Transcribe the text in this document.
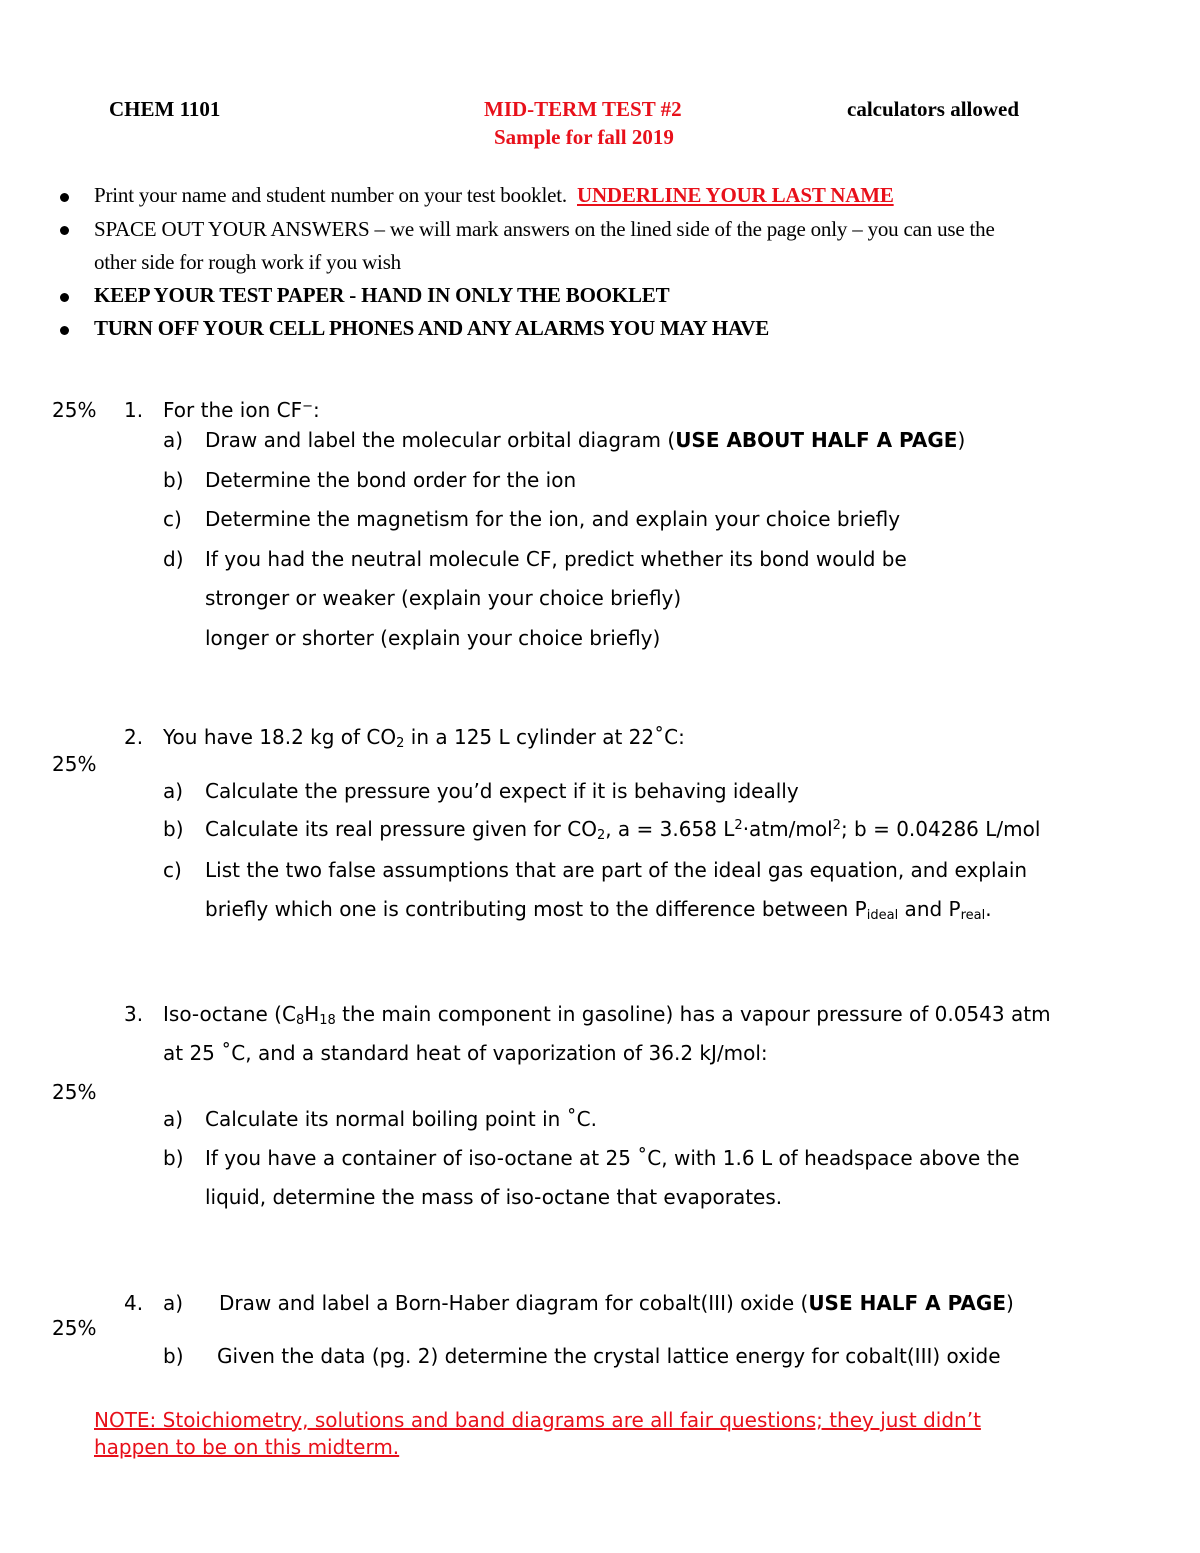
CHEM 1101	MID-TERM TEST #2
Sample for fall 2019
calculators allowed
Print your name and student number on your test booklet. UNDERLINE YOUR LAST NAME
SPACE OUT YOUR ANSWERS – we will mark answers on the lined side of the page only – you can use the
other side for rough work if you wish
KEEP YOUR TEST PAPER - HAND IN ONLY THE BOOKLET
TURN OFF YOUR CELL PHONES AND ANY ALARMS YOU MAY HAVE
25% 1. For the ion CF−:
a) Draw and label the molecular orbital diagram (USE ABOUT HALF A PAGE)
b) Determine the bond order for the ion
c) Determine the magnetism for the ion, and explain your choice briefly
d) If you had the neutral molecule CF, predict whether its bond would be
stronger or weaker (explain your choice briefly)
longer or shorter (explain your choice briefly)
2. You have 18.2 kg of $CO_2$ in a 125 L cylinder at 22˚C:
25%
a) Calculate the pressure you’d expect if it is behaving ideally
b) Calculate its real pressure given for $CO_2$, a = 3.658 $L^2\cdot atm/mol^2$; b = 0.04286 L/mol
c) List the two false assumptions that are part of the ideal gas equation, and explain
briefly which one is contributing most to the difference between $P_{ideal}$ and $P_{real}$.
3. Iso-octane ($C_8H_{18}$ the main component in gasoline) has a vapour pressure of 0.0543 atm
at 25 ˚C, and a standard heat of vaporization of 36.2 kJ/mol:
25%
a) Calculate its normal boiling point in ˚C.
b) If you have a container of iso-octane at 25 ˚C, with 1.6 L of headspace above the
liquid, determine the mass of iso-octane that evaporates.
4. a) Draw and label a Born-Haber diagram for cobalt(III) oxide (USE HALF A PAGE)
25%
b) Given the data (pg. 2) determine the crystal lattice energy for cobalt(III) oxide
NOTE: Stoichiometry, solutions and band diagrams are all fair questions; they just didn’t
happen to be on this midterm.
